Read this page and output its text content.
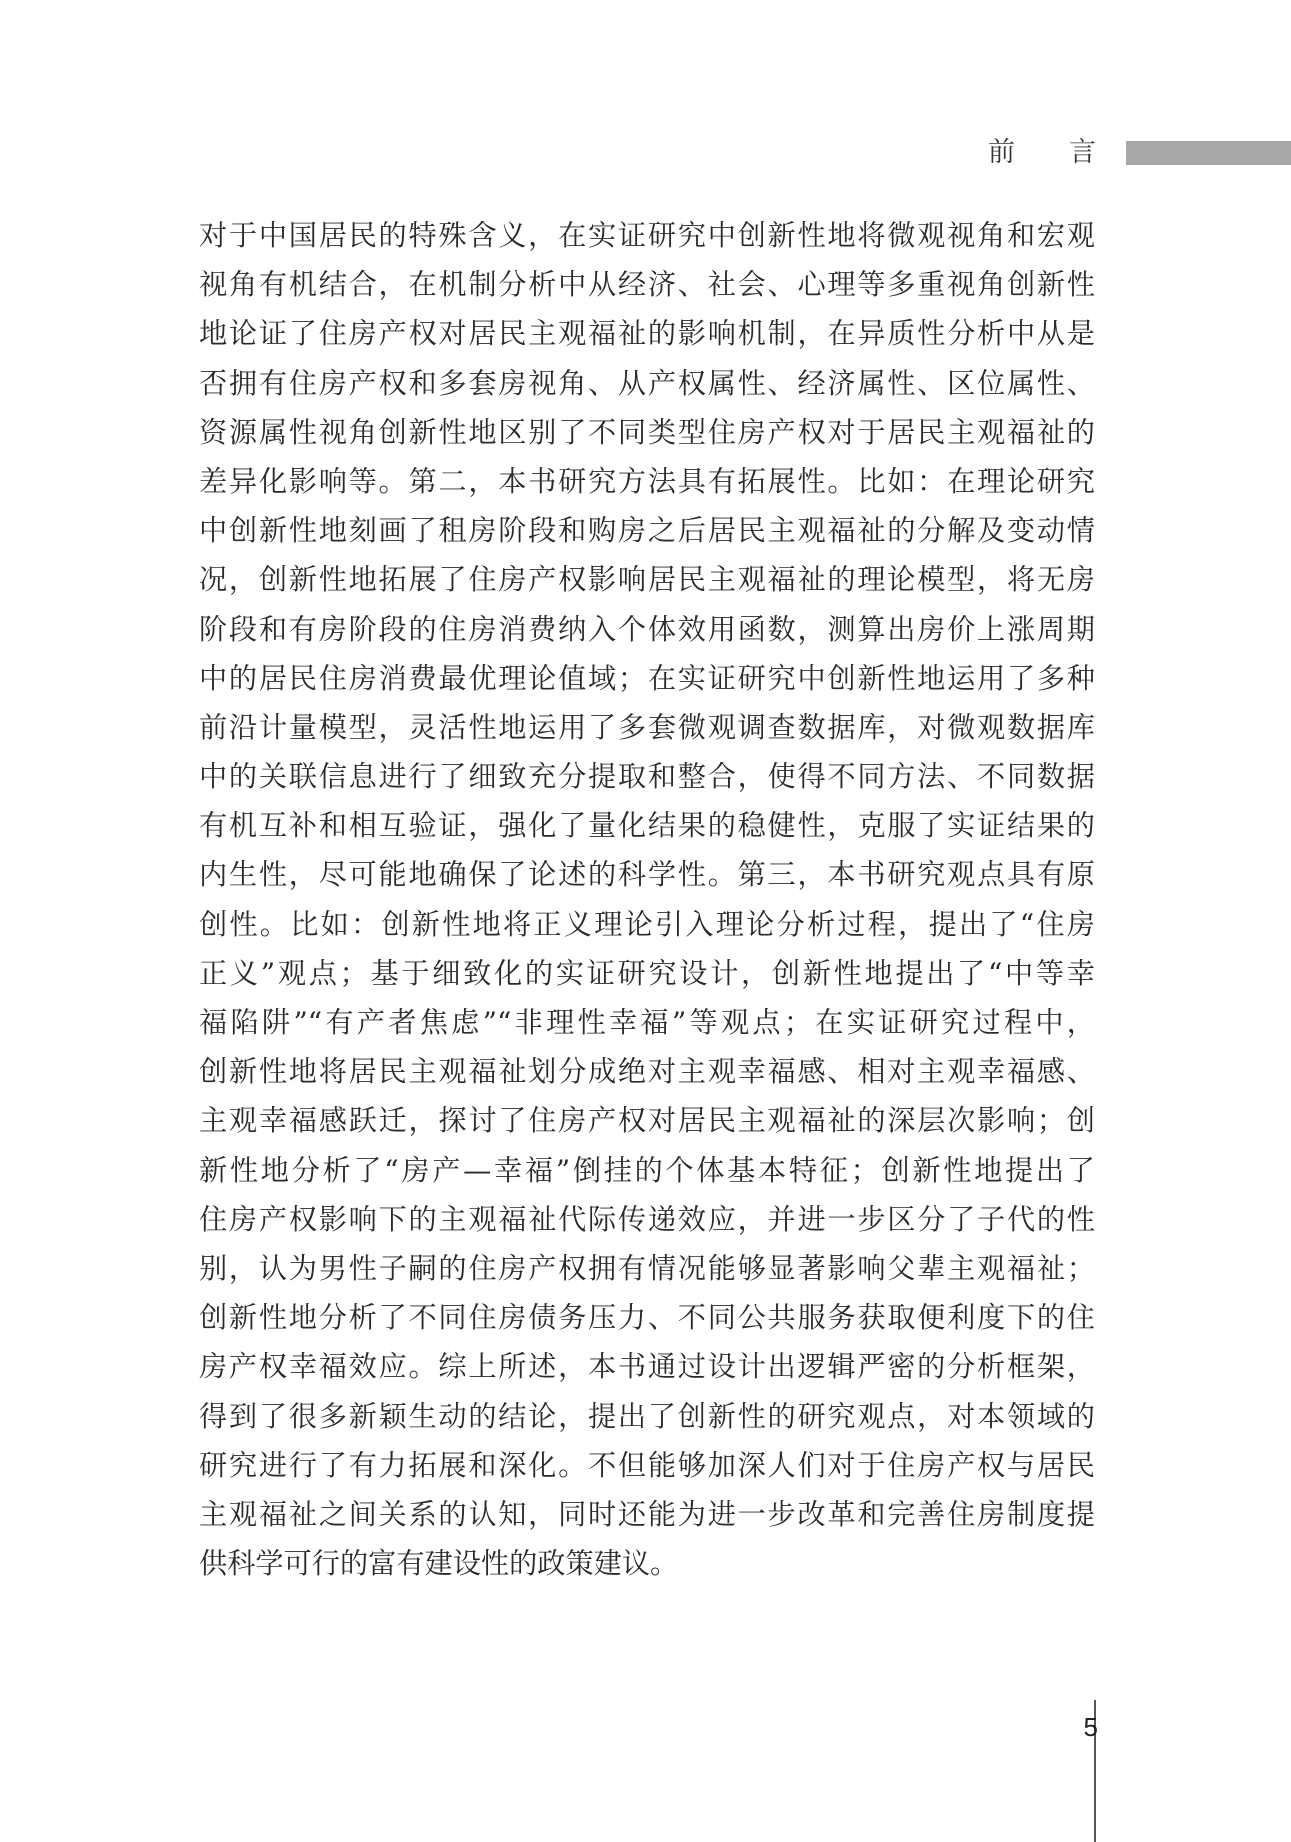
前 言
对于中国居民的特殊含义，在实证研究中创新性地将微观视角和宏观
视角有机结合，在机制分析中从经济、社会、心理等多重视角创新性
地论证了住房产权对居民主观福祉的影响机制，在异质性分析中从是
否拥有住房产权和多套房视角、从产权属性、经济属性、区位属性、
资源属性视角创新性地区别了不同类型住房产权对于居民主观福祉的
差异化影响等。第二，本书研究方法具有拓展性。比如：在理论研究
中创新性地刻画了租房阶段和购房之后居民主观福祉的分解及变动情
况，创新性地拓展了住房产权影响居民主观福祉的理论模型，将无房
阶段和有房阶段的住房消费纳入个体效用函数，测算出房价上涨周期
中的居民住房消费最优理论值域；在实证研究中创新性地运用了多种
前沿计量模型，灵活性地运用了多套微观调查数据库，对微观数据库
中的关联信息进行了细致充分提取和整合，使得不同方法、不同数据
有机互补和相互验证，强化了量化结果的稳健性，克服了实证结果的
内生性，尽可能地确保了论述的科学性。第三，本书研究观点具有原
创性。比如：创新性地将正义理论引入理论分析过程，提出了“住房
正义”观点；基于细致化的实证研究设计，创新性地提出了“中等幸
福陷阱”“有产者焦虑”“非理性幸福”等观点；在实证研究过程中，
创新性地将居民主观福祉划分成绝对主观幸福感、相对主观幸福感、
主观幸福感跃迁，探讨了住房产权对居民主观福祉的深层次影响；创
新性地分析了“房产—幸福”倒挂的个体基本特征；创新性地提出了
住房产权影响下的主观福祉代际传递效应，并进一步区分了子代的性
别，认为男性子嗣的住房产权拥有情况能够显著影响父辈主观福祉；
创新性地分析了不同住房债务压力、不同公共服务获取便利度下的住
房产权幸福效应。综上所述，本书通过设计出逻辑严密的分析框架，
得到了很多新颖生动的结论，提出了创新性的研究观点，对本领域的
研究进行了有力拓展和深化。不但能够加深人们对于住房产权与居民
主观福祉之间关系的认知，同时还能为进一步改革和完善住房制度提
供科学可行的富有建设性的政策建议。
5
